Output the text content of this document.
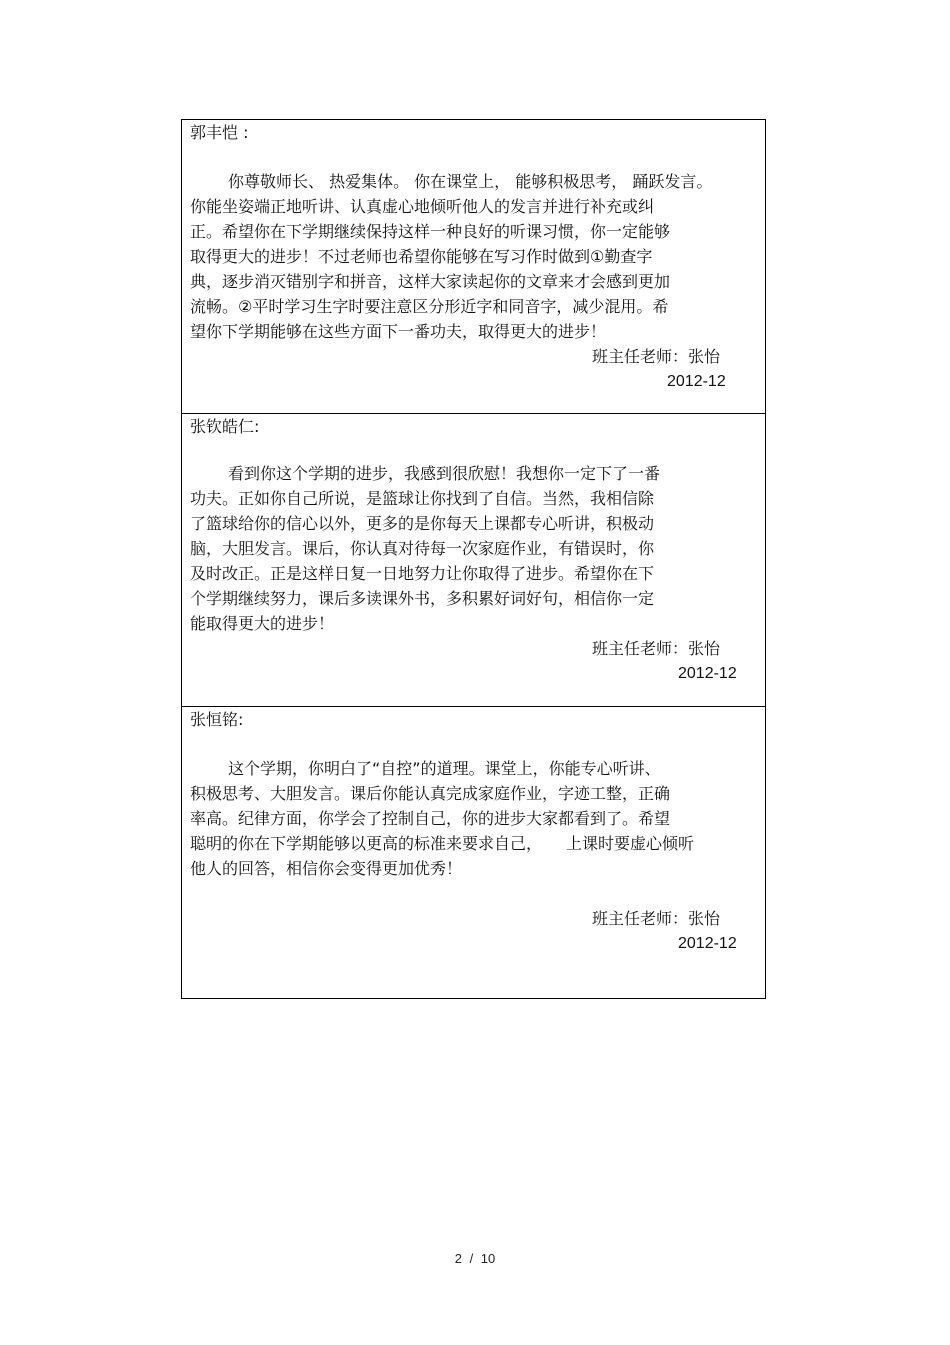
郭丰恺 :
你尊敬师长、 热爱集体。 你在课堂上， 能够积极思考， 踊跃发言。
你能坐姿端正地听讲、认真虚心地倾听他人的发言并进行补充或纠
正。希望你在下学期继续保持这样一种良好的听课习惯，你一定能够
取得更大的进步！不过老师也希望你能够在写习作时做到①勤查字
典，逐步消灭错别字和拼音，这样大家读起你的文章来才会感到更加
流畅。②平时学习生字时要注意区分形近字和同音字，减少混用。希
望你下学期能够在这些方面下一番功夫，取得更大的进步！
班主任老师：张怡
2012-12
张钦皓仁:
看到你这个学期的进步，我感到很欣慰！我想你一定下了一番
功夫。正如你自己所说，是篮球让你找到了自信。当然，我相信除
了篮球给你的信心以外，更多的是你每天上课都专心听讲，积极动
脑，大胆发言。课后，你认真对待每一次家庭作业，有错误时，你
及时改正。正是这样日复一日地努力让你取得了进步。希望你在下
个学期继续努力，课后多读课外书，多积累好词好句，相信你一定
能取得更大的进步！
班主任老师：张怡
2012-12
张恒铭:
这个学期，你明白了“自控”的道理。课堂上，你能专心听讲、
积极思考、大胆发言。课后你能认真完成家庭作业，字迹工整，正确
率高。纪律方面，你学会了控制自己，你的进步大家都看到了。希望
聪明的你在下学期能够以更高的标准来要求自己，　　上课时要虚心倾听
他人的回答，相信你会变得更加优秀！
班主任老师：张怡
2012-12
2 / 10
